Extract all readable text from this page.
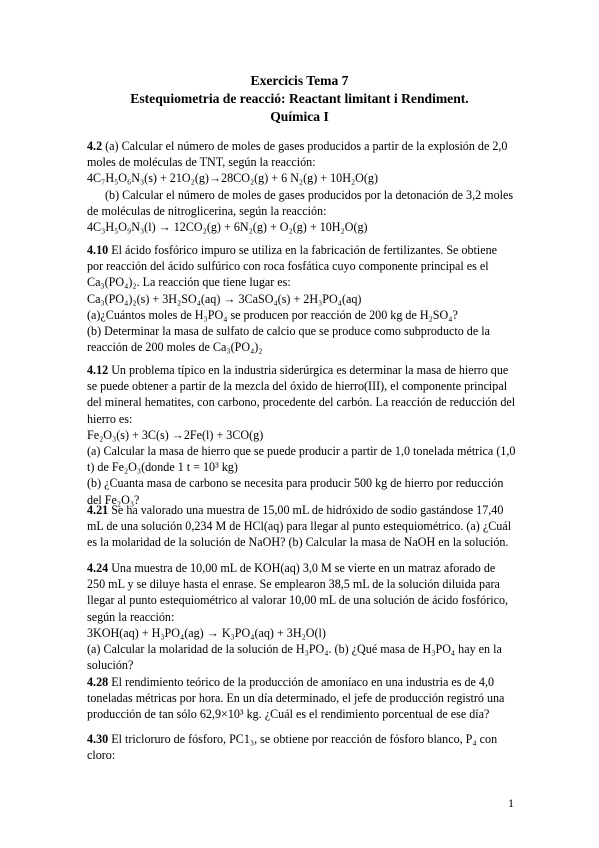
Exercicis Tema 7
Estequiometria de reacció: Reactant limitant i Rendiment.
Química I
4.2 (a) Calcular el número de moles de gases producidos a partir de la explosión de 2,0
moles de moléculas de TNT, según la reacción:
4C₇H₅O₆N₃(s) + 21O₂(g)→28CO₂(g) + 6 N₂(g) + 10H₂O(g)
(b) Calcular el número de moles de gases producidos por la detonación de 3,2 moles
de moléculas de nitroglicerina, según la reacción:
4C₃H₅O₉N₃(l) → 12CO₂(g) + 6N₂(g) + O₂(g) + 10H₂O(g)
4.10 El ácido fosfórico impuro se utiliza en la fabricación de fertilizantes. Se obtiene
por reacción del ácido sulfúrico con roca fosfática cuyo componente principal es el
Ca₃(PO₄)₂. La reacción que tiene lugar es:
Ca₃(PO₄)₂(s) + 3H₂SO₄(aq) → 3CaSO₄(s) + 2H₃PO₄(aq)
(a)¿Cuántos moles de H₃PO₄ se producen por reacción de 200 kg de H₂SO₄?
(b) Determinar la masa de sulfato de calcio que se produce como subproducto de la
reacción de 200 moles de Ca₃(PO₄)₂
4.12 Un problema típico en la industria siderúrgica es determinar la masa de hierro que
se puede obtener a partir de la mezcla del óxido de hierro(III), el componente principal
del mineral hematites, con carbono, procedente del carbón. La reacción de reducción del
hierro es:
Fe₂O₃(s) + 3C(s) →2Fe(l) + 3CO(g)
(a) Calcular la masa de hierro que se puede producir a partir de 1,0 tonelada métrica (1,0
t) de Fe₂O₃(donde 1 t = 10³ kg)
(b) ¿Cuanta masa de carbono se necesita para producir 500 kg de hierro por reducción
del Fe₂O₃?
4.21 Se ha valorado una muestra de 15,00 mL de hidróxido de sodio gastándose 17,40
mL de una solución 0,234 M de HCl(aq) para llegar al punto estequiométrico. (a) ¿Cuál
es la molaridad de la solución de NaOH? (b) Calcular la masa de NaOH en la solución.
4.24 Una muestra de 10,00 mL de KOH(aq) 3,0 M se vierte en un matraz aforado de
250 mL y se diluye hasta el enrase. Se emplearon 38,5 mL de la solución diluida para
llegar al punto estequiométrico al valorar 10,00 mL de una solución de ácido fosfórico,
según la reacción:
3KOH(aq) + H₃PO₄(ag) → K₃PO₄(aq) + 3H₂O(l)
(a) Calcular la molaridad de la solución de H₃PO₄. (b) ¿Qué masa de H₃PO₄ hay en la
solución?
4.28 El rendimiento teórico de la producción de amoníaco en una industria es de 4,0
toneladas métricas por hora. En un día determinado, el jefe de producción registró una
producción de tan sólo 62,9×10³ kg. ¿Cuál es el rendimiento porcentual de ese día?
4.30 El tricloruro de fósforo, PC1₃, se obtiene por reacción de fósforo blanco, P₄ con
cloro:
1
